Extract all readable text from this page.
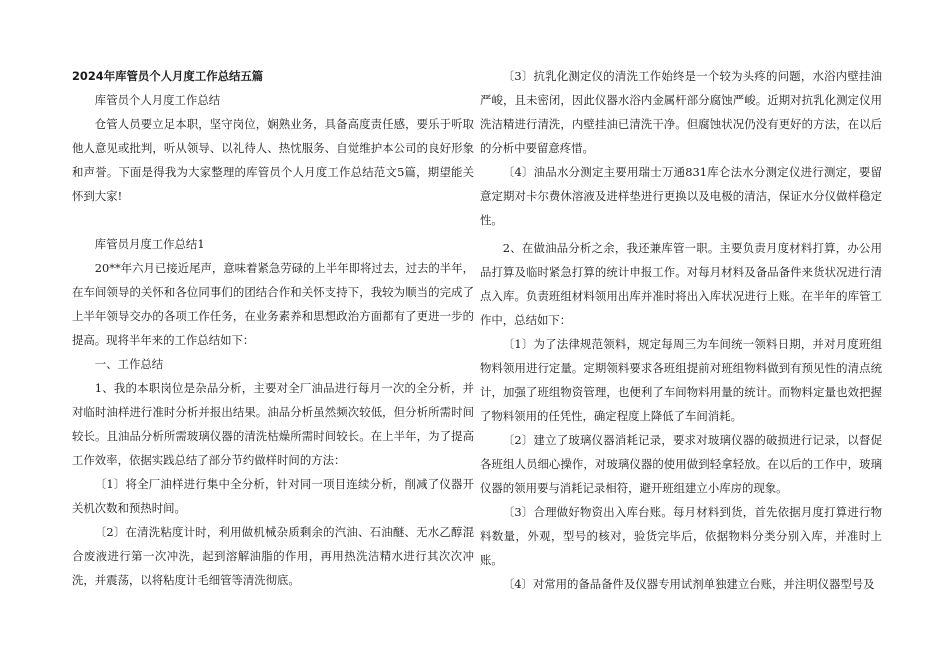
2024年库管员个人月度工作总结五篇

库管员个人月度工作总结

仓管人员要立足本职，坚守岗位，娴熟业务，具备高度责任感，要乐于听取他人意见或批判，听从领导、以礼待人、热忱服务、自觉维护本公司的良好形象和声誉。下面是得我为大家整理的库管员个人月度工作总结范文5篇，期望能关怀到大家!

库管员月度工作总结1

20**年六月已接近尾声，意味着紧急劳碌的上半年即将过去，过去的半年，在车间领导的关怀和各位同事们的团结合作和关怀支持下，我较为顺当的完成了上半年领导交办的各项工作任务，在业务素养和思想政治方面都有了更进一步的提高。现将半年来的工作总结如下：

一、工作总结

1、我的本职岗位是杂品分析，主要对全厂油品进行每月一次的全分析，并对临时油样进行准时分析并报出结果。油品分析虽然频次较低，但分析所需时间较长。且油品分析所需玻璃仪器的清洗枯燥所需时间较长。在上半年，为了提高工作效率，依据实践总结了部分节约做样时间的方法：

〔1〕将全厂油样进行集中全分析，针对同一项目连续分析，削减了仪器开关机次数和预热时间。

〔2〕在清洗粘度计时，利用做机械杂质剩余的汽油、石油醚、无水乙醇混合废液进行第一次冲洗，起到溶解油脂的作用，再用热洗洁精水进行其次次冲洗，并震荡，以将粘度计毛细管等清洗彻底。

〔3〕抗乳化测定仪的清洗工作始终是一个较为头疼的问题，水浴内壁挂油严峻，且未密闭，因此仪器水浴内金属杆部分腐蚀严峻。近期对抗乳化测定仪用洗洁精进行清洗，内壁挂油已清洗干净。但腐蚀状况仍没有更好的方法，在以后的分析中要留意疼惜。

〔4〕油品水分测定主要用瑞士万通831库仑法水分测定仪进行测定，要留意定期对卡尔费休溶液及进样垫进行更换以及电极的清洁，保证水分仪做样稳定性。

2、在做油品分析之余，我还兼库管一职。主要负责月度材料打算，办公用品打算及临时紧急打算的统计申报工作。对每月材料及备品备件来货状况进行清点入库。负责班组材料领用出库并准时将出入库状况进行上账。在半年的库管工作中，总结如下：

〔1〕为了法律规范领料，规定每周三为车间统一领料日期，并对月度班组物料领用进行定量。定期领料要求各班组提前对班组物料做到有预见性的清点统计，加强了班组物资管理，也便利了车间物料用量的统计。而物料定量也效把握了物料领用的任凭性，确定程度上降低了车间消耗。

〔2〕建立了玻璃仪器消耗记录，要求对玻璃仪器的破损进行记录，以督促各班组人员细心操作，对玻璃仪器的使用做到轻拿轻放。在以后的工作中，玻璃仪器的领用要与消耗记录相符，避开班组建立小库房的现象。

〔3〕合理做好物资出入库台账。每月材料到货，首先依据月度打算进行物料数量，外观，型号的核对，验货完毕后，依据物料分类分别入库，并准时上账。

〔4〕对常用的备品备件及仪器专用试剂单独建立台账，并注明仪器型号及
